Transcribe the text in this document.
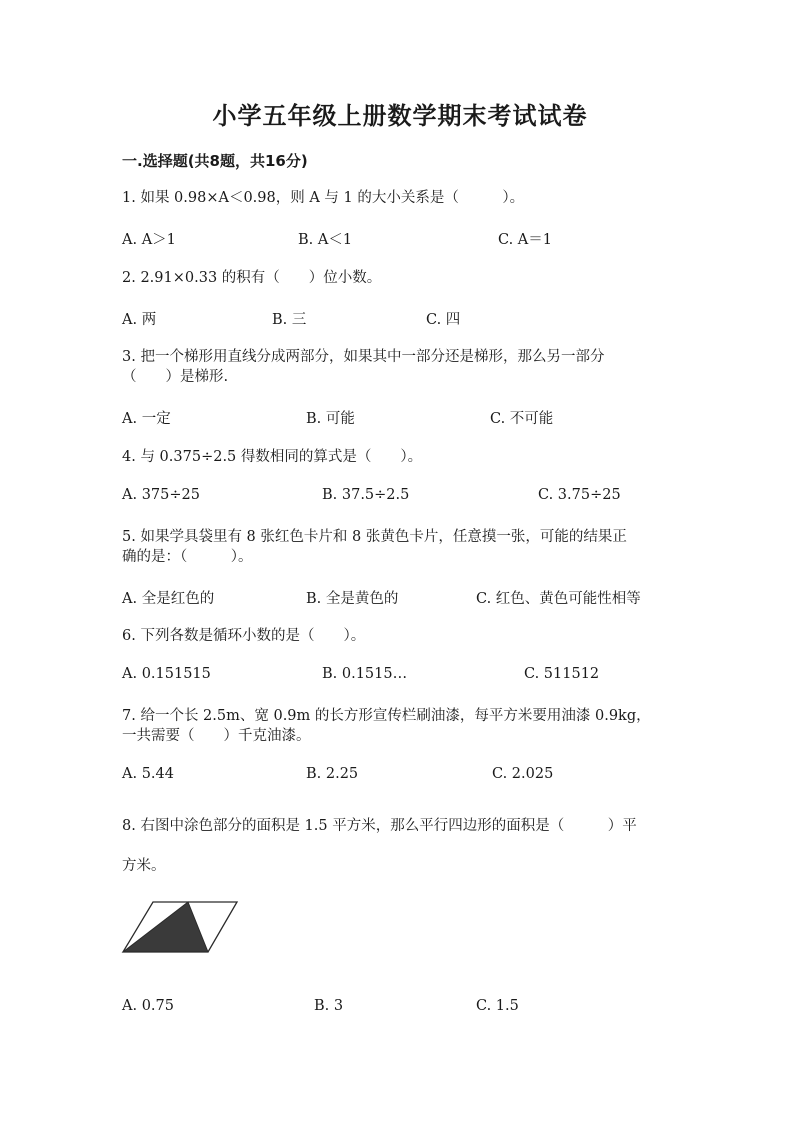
小学五年级上册数学期末考试试卷
一.选择题(共8题，共16分)
1. 如果 0.98×A＜0.98，则 A 与 1 的大小关系是（　　　）。
A. A＞1	B. A＜1	C. A＝1
2. 2.91×0.33 的积有（　　）位小数。
A. 两	B. 三	C. 四
3. 把一个梯形用直线分成两部分，如果其中一部分还是梯形，那么另一部分
（　　）是梯形.
A. 一定	B. 可能	C. 不可能
4. 与 0.375÷2.5 得数相同的算式是（　　）。
A. 375÷25	B. 37.5÷2.5	C. 3.75÷25
5. 如果学具袋里有 8 张红色卡片和 8 张黄色卡片，任意摸一张，可能的结果正
确的是：（　　　）。
A. 全是红色的	B. 全是黄色的	C. 红色、黄色可能性相等
6. 下列各数是循环小数的是（　　）。
A. 0.151515	B. 0.1515…	C. 511512
7. 给一个长 2.5m、宽 0.9m 的长方形宣传栏刷油漆，每平方米要用油漆 0.9kg，
一共需要（　　）千克油漆。
A. 5.44	B. 2.25	C. 2.025
8. 右图中涂色部分的面积是 1.5 平方米，那么平行四边形的面积是（　　　）平
方米。
A. 0.75	B. 3	C. 1.5
